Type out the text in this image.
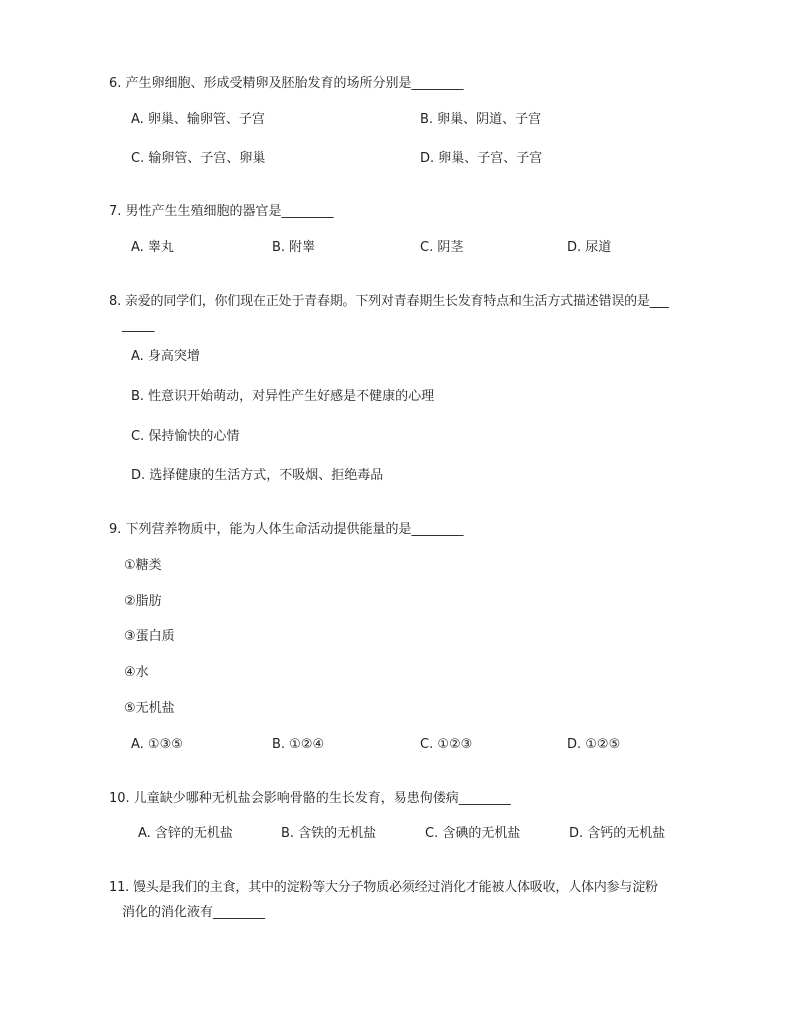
6. 产生卵细胞、形成受精卵及胚胎发育的场所分别是________
A. 卵巢、输卵管、子宫	B. 卵巢、阴道、子宫
C. 输卵管、子宫、卵巢	D. 卵巢、子宫、子宫
7. 男性产生生殖细胞的器官是________
A. 睾丸	B. 附睾	C. 阴茎	D. 尿道
8. 亲爱的同学们，你们现在正处于青春期。下列对青春期生长发育特点和生活方式描述错误的是___
_____
A. 身高突增
B. 性意识开始萌动，对异性产生好感是不健康的心理
C. 保持愉快的心情
D. 选择健康的生活方式，不吸烟、拒绝毒品
9. 下列营养物质中，能为人体生命活动提供能量的是________
①糖类
②脂肪
③蛋白质
④水
⑤无机盐
A. ①③⑤	B. ①②④	C. ①②③	D. ①②⑤
10. 儿童缺少哪种无机盐会影响骨骼的生长发育，易患佝偻病________
A. 含锌的无机盐	B. 含铁的无机盐	C. 含碘的无机盐	D. 含钙的无机盐
11. 馒头是我们的主食，其中的淀粉等大分子物质必须经过消化才能被人体吸收，人体内参与淀粉
消化的消化液有________
